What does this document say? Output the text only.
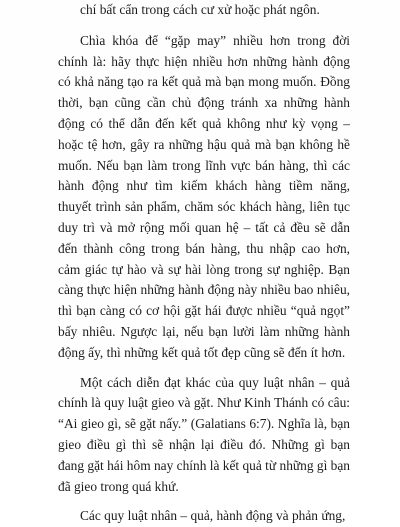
chí bất cẩn trong cách cư xử hoặc phát ngôn.

Chìa khóa để “gặp may” nhiều hơn trong đời chính là: hãy thực hiện nhiều hơn những hành động có khả năng tạo ra kết quả mà bạn mong muốn. Đồng thời, bạn cũng cần chủ động tránh xa những hành động có thể dẫn đến kết quả không như kỳ vọng – hoặc tệ hơn, gây ra những hậu quả mà bạn không hề muốn. Nếu bạn làm trong lĩnh vực bán hàng, thì các hành động như tìm kiếm khách hàng tiềm năng, thuyết trình sản phẩm, chăm sóc khách hàng, liên tục duy trì và mở rộng mối quan hệ – tất cả đều sẽ dẫn đến thành công trong bán hàng, thu nhập cao hơn, cảm giác tự hào và sự hài lòng trong sự nghiệp. Bạn càng thực hiện những hành động này nhiều bao nhiêu, thì bạn càng có cơ hội gặt hái được nhiều “quả ngọt” bấy nhiêu. Ngược lại, nếu bạn lười làm những hành động ấy, thì những kết quả tốt đẹp cũng sẽ đến ít hơn.

Một cách diễn đạt khác của quy luật nhân – quả chính là quy luật gieo và gặt. Như Kinh Thánh có câu: “Ai gieo gì, sẽ gặt nấy.” (Galatians 6:7). Nghĩa là, bạn gieo điều gì thì sẽ nhận lại điều đó. Những gì bạn đang gặt hái hôm nay chính là kết quả từ những gì bạn đã gieo trong quá khứ.

Các quy luật nhân – quả, hành động và phản ứng,
